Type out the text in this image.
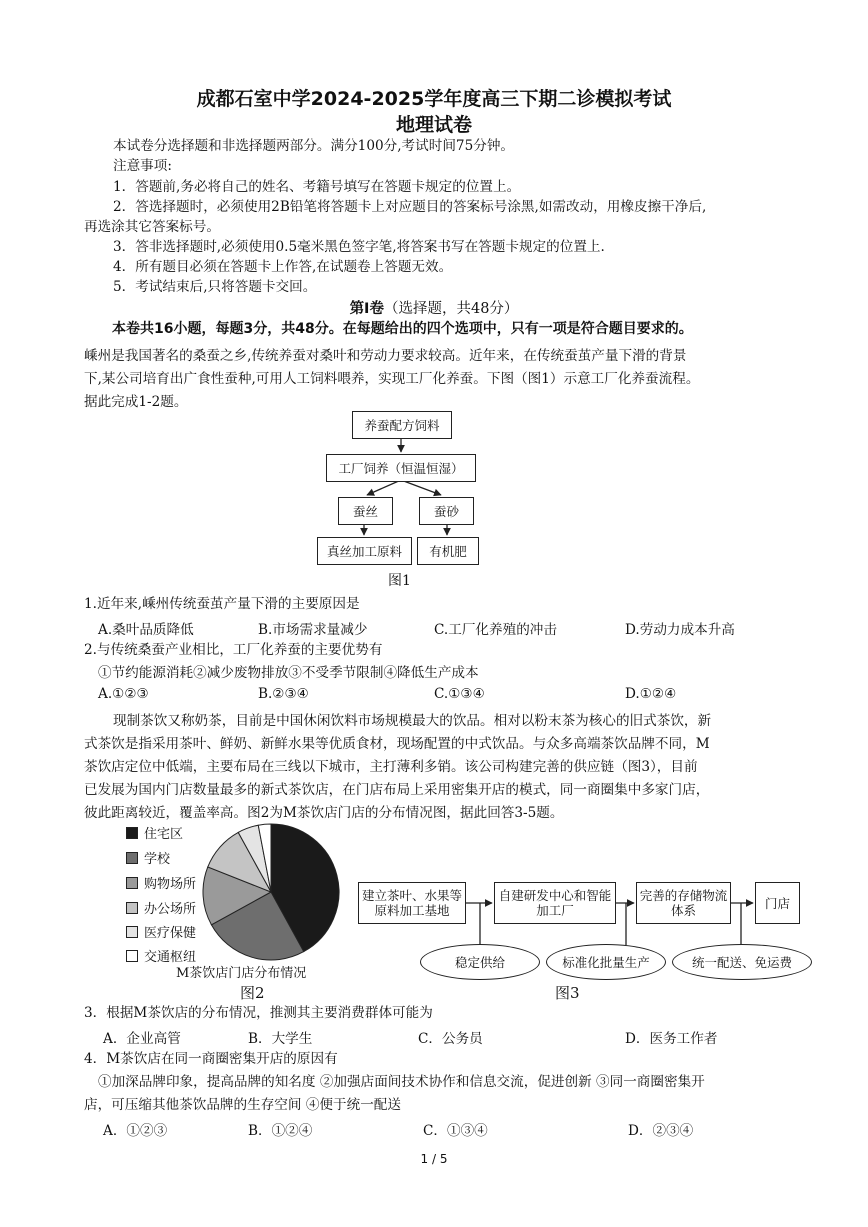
成都石室中学2024-2025学年度高三下期二诊模拟考试
地理试卷
本试卷分选择题和非选择题两部分。满分100分,考试时间75分钟。
注意事项:
1．答题前,务必将自己的姓名、考籍号填写在答题卡规定的位置上。
2．答选择题时，必须使用2B铅笔将答题卡上对应题目的答案标号涂黑,如需改动，用橡皮擦干净后,
再选涂其它答案标号。
3．答非选择题时,必须使用0.5毫米黑色签字笔,将答案书写在答题卡规定的位置上.
4．所有题目必须在答题卡上作答,在试题卷上答题无效。
5．考试结束后,只将答题卡交回。
第Ⅰ卷（选择题，共48分）
本卷共16小题，每题3分，共48分。在每题给出的四个选项中，只有一项是符合题目要求的。
嵊州是我国著名的桑蚕之乡,传统养蚕对桑叶和劳动力要求较高。近年来，在传统蚕茧产量下滑的背景
下,某公司培育出广食性蚕种,可用人工饲料喂养，实现工厂化养蚕。下图（图1）示意工厂化养蚕流程。
据此完成1-2题。
养蚕配方饲料
工厂饲养（恒温恒湿）
蚕丝	蚕砂
真丝加工原料	有机肥
图1
1.近年来,嵊州传统蚕茧产量下滑的主要原因是
A.桑叶品质降低	B.市场需求量减少	C.工厂化养殖的冲击	D.劳动力成本升高
2.与传统桑蚕产业相比，工厂化养蚕的主要优势有
①节约能源消耗②减少废物排放③不受季节限制④降低生产成本
A.①②③	B.②③④	C.①③④	D.①②④
现制茶饮又称奶茶，目前是中国休闲饮料市场规模最大的饮品。相对以粉末茶为核心的旧式茶饮，新
式茶饮是指采用茶叶、鲜奶、新鲜水果等优质食材，现场配置的中式饮品。与众多高端茶饮品牌不同，M
茶饮店定位中低端，主要布局在三线以下城市，主打薄利多销。该公司构建完善的供应链（图3），目前
已发展为国内门店数量最多的新式茶饮店，在门店布局上采用密集开店的模式，同一商圈集中多家门店，
彼此距离较近，覆盖率高。图2为M茶饮店门店的分布情况图，据此回答3-5题。
住宅区
学校
购物场所
办公场所
医疗保健
交通枢纽
M茶饮店门店分布情况
图2
建立茶叶、水果等原料加工基地
自建研发中心和智能加工厂
完善的存储物流体系	门店
稳定供给	标准化批量生产	统一配送、免运费
图3
3．根据M茶饮店的分布情况，推测其主要消费群体可能为
A．企业高管	B．大学生	C．公务员	D．医务工作者
4．M茶饮店在同一商圈密集开店的原因有
①加深品牌印象，提高品牌的知名度 ②加强店面间技术协作和信息交流，促进创新 ③同一商圈密集开
店，可压缩其他茶饮品牌的生存空间 ④便于统一配送
A．①②③	B．①②④	C．①③④	D．②③④
1 / 5
